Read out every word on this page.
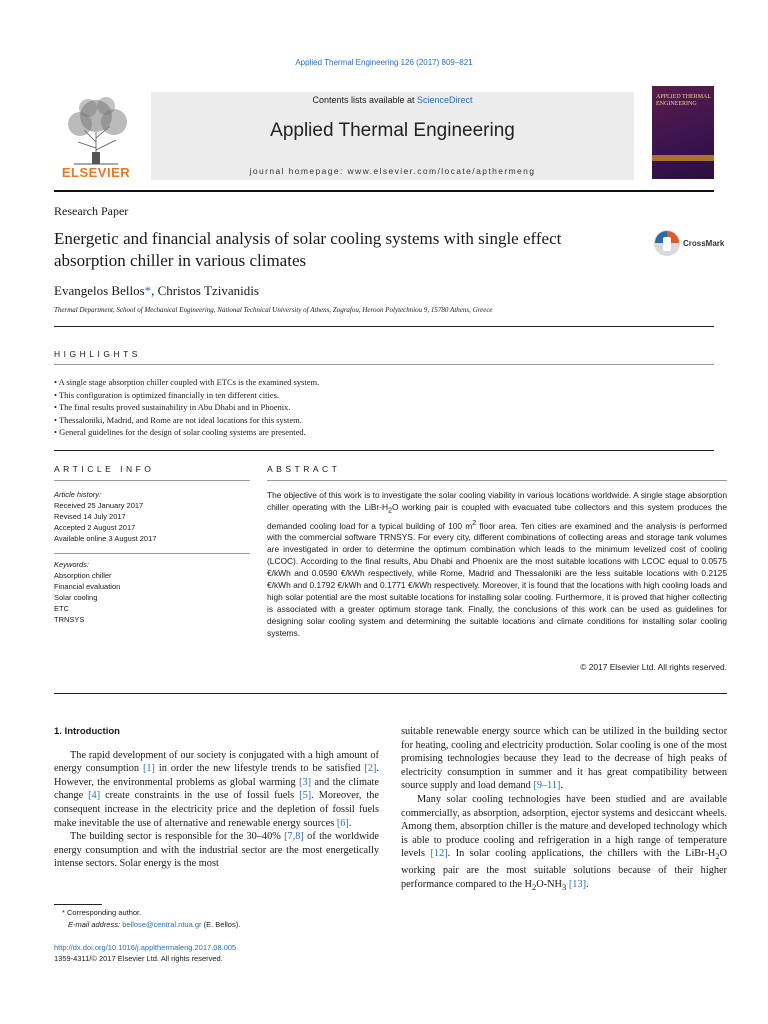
Applied Thermal Engineering 126 (2017) 809–821
ELSEVIER
Contents lists available at ScienceDirect
Applied Thermal Engineering
journal homepage: www.elsevier.com/locate/apthermeng
APPLIED THERMAL ENGINEERING
Research Paper
Energetic and financial analysis of solar cooling systems with single effect absorption chiller in various climates
CrossMark
Evangelos Bellos*, Christos Tzivanidis
Thermal Department, School of Mechanical Engineering, National Technical University of Athens, Zografou, Heroon Polytechniou 9, 15780 Athens, Greece
HIGHLIGHTS
• A single stage absorption chiller coupled with ETCs is the examined system.
• This configuration is optimized financially in ten different cities.
• The final results proved sustainability in Abu Dhabi and in Phoenix.
• Thessaloniki, Madrid, and Rome are not ideal locations for this system.
• General guidelines for the design of solar cooling systems are presented.
ARTICLE INFO	ABSTRACT
Article history:
Received 25 January 2017
Revised 14 July 2017
Accepted 2 August 2017
Available online 3 August 2017
Keywords:
Absorption chiller
Financial evaluation
Solar cooling
ETC
TRNSYS
The objective of this work is to investigate the solar cooling viability in various locations worldwide. A single stage absorption chiller operating with the LiBr-$H_2O$ working pair is coupled with evacuated tube collectors and this system produces the demanded cooling load for a typical building of 100 $m^2$ floor area. Ten cities are examined and the analysis is performed with the commercial software TRNSYS. For every city, different combinations of collecting areas and storage tank volumes are investigated in order to determine the optimum combination which leads to the minimum levelized cost of cooling (LCOC). According to the final results, Abu Dhabi and Phoenix are the most suitable locations with LCOC equal to 0.0575 €/kWh and 0.0590 €/kWh respectively, while Rome, Madrid and Thessaloniki are the less suitable locations with 0.2125 €/kWh and 0.1792 €/kWh and 0.1771 €/kWh respectively. Moreover, it is found that the locations with high cooling loads and high solar potential are the most suitable locations for installing solar cooling. Furthermore, it is proved that higher collecting is associated with a greater optimum storage tank. Finally, the conclusions of this work can be used as guidelines for designing solar cooling system and determining the suitable locations and climate conditions for installing solar cooling systems.
© 2017 Elsevier Ltd. All rights reserved.
1. Introduction

The rapid development of our society is conjugated with a high amount of energy consumption [1] in order the new lifestyle trends to be satisfied [2]. However, the environmental problems as global warming [3] and the climate change [4] create constraints in the use of fossil fuels [5]. Moreover, the consequent increase in the electricity price and the depletion of fossil fuels make inevitable the use of alternative and renewable energy sources [6].

The building sector is responsible for the 30–40% [7,8] of the worldwide energy consumption and with the industrial sector are the most energetically intense sectors. Solar energy is the most

suitable renewable energy source which can be utilized in the building sector for heating, cooling and electricity production. Solar cooling is one of the most promising technologies because they lead to the decrease of high peaks of electricity consumption in summer and it has great compatibility between source supply and load demand [9–11].

Many solar cooling technologies have been studied and are available commercially, as absorption, adsorption, ejector systems and desiccant wheels. Among them, absorption chiller is the mature and developed technology which is able to produce cooling and refrigeration in a high range of temperature levels [12]. In solar cooling applications, the chillers with the LiBr-$H_2O$ working pair are the most suitable solutions because of their higher performance compared to the $H_2O-NH_3$ [13].

* Corresponding author.
E-mail address: bellose@central.ntua.gr (E. Bellos).
http://dx.doi.org/10.1016/j.applthermaleng.2017.08.005
1359-4311/© 2017 Elsevier Ltd. All rights reserved.
